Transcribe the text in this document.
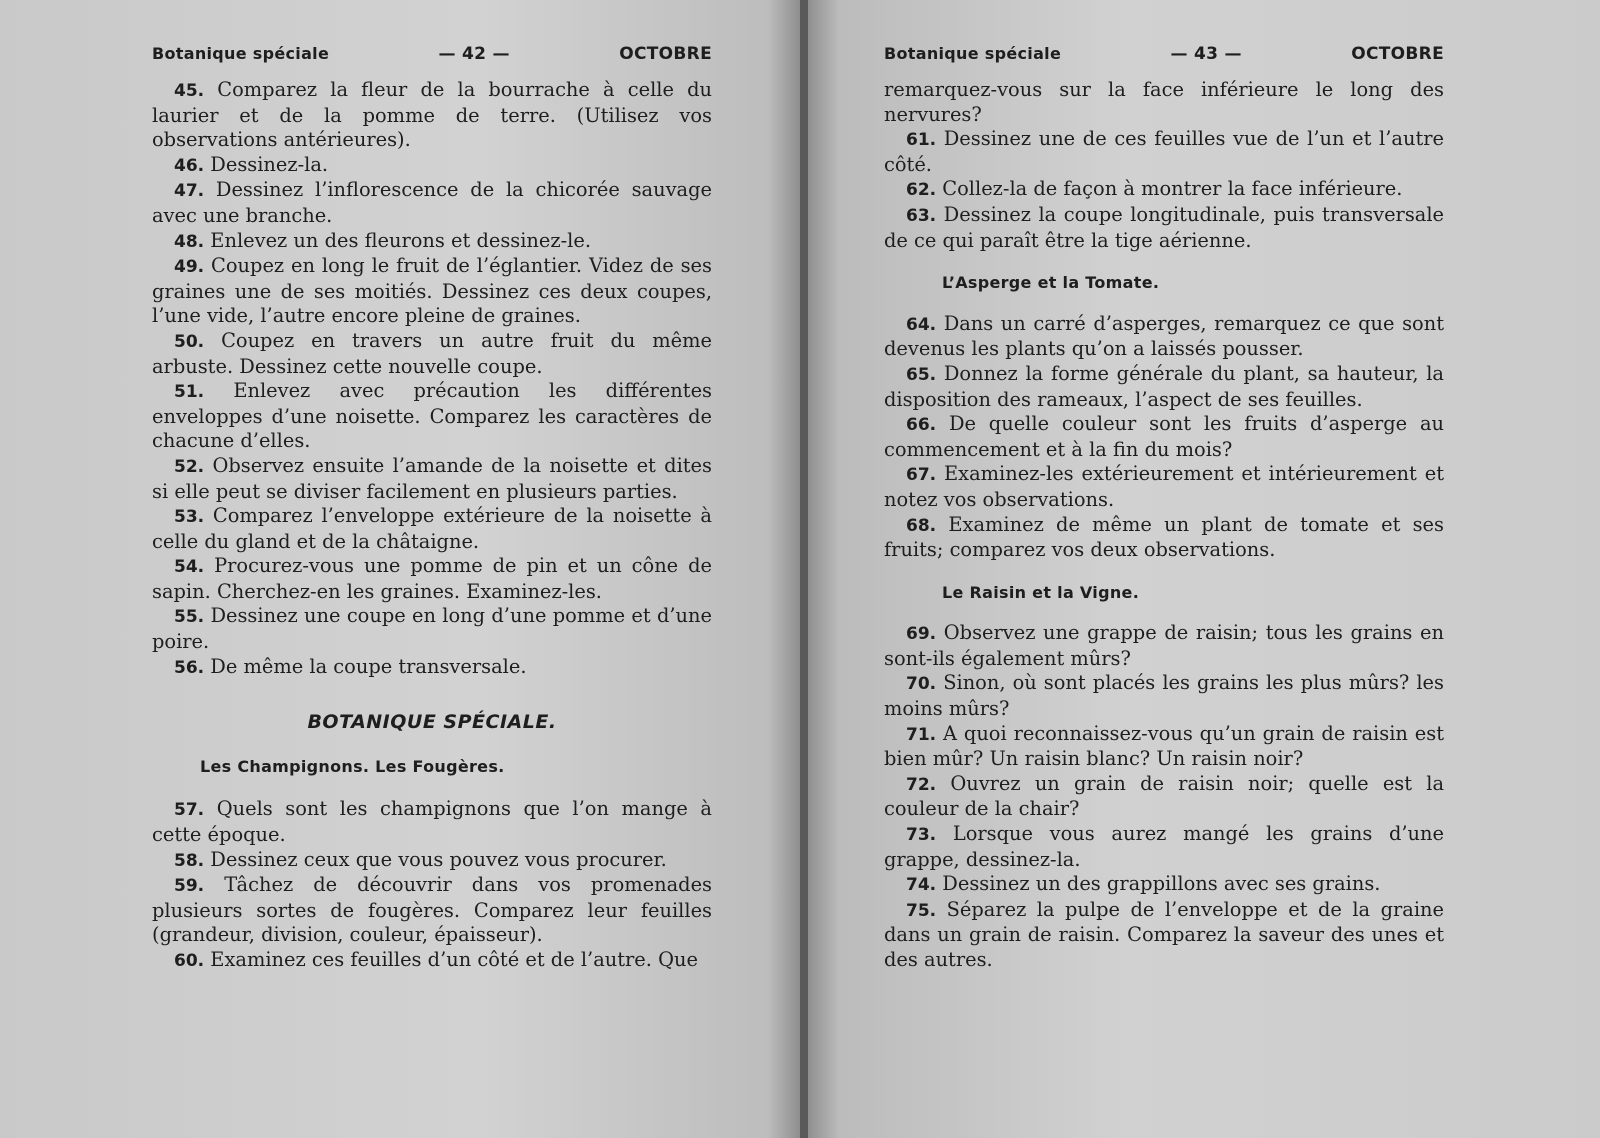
Botanique spéciale	— 42 —	OCTOBRE

45. Comparez la fleur de la bourrache à celle du laurier et de la pomme de terre. (Utilisez vos observations antérieures).

46. Dessinez-la.

47. Dessinez l’inflorescence de la chicorée sauvage avec une branche.

48. Enlevez un des fleurons et dessinez-le.

49. Coupez en long le fruit de l’églantier. Videz de ses graines une de ses moitiés. Dessinez ces deux coupes, l’une vide, l’autre encore pleine de graines.

50. Coupez en travers un autre fruit du même arbuste. Dessinez cette nouvelle coupe.

51. Enlevez avec précaution les différentes enveloppes d’une noisette. Comparez les caractères de chacune d’elles.

52. Observez ensuite l’amande de la noisette et dites si elle peut se diviser facilement en plusieurs parties.

53. Comparez l’enveloppe extérieure de la noisette à celle du gland et de la châtaigne.

54. Procurez-vous une pomme de pin et un cône de sapin. Cherchez-en les graines. Examinez-les.

55. Dessinez une coupe en long d’une pomme et d’une poire.

56. De même la coupe transversale.

BOTANIQUE SPÉCIALE.
Les Champignons. Les Fougères.

57. Quels sont les champignons que l’on mange à cette époque.

58. Dessinez ceux que vous pouvez vous procurer.

59. Tâchez de découvrir dans vos promenades plusieurs sortes de fougères. Comparez leur feuilles (grandeur, division, couleur, épaisseur).

60. Examinez ces feuilles d’un côté et de l’autre. Que

Botanique spéciale	— 43 —	OCTOBRE

remarquez-vous sur la face inférieure le long des nervures?

61. Dessinez une de ces feuilles vue de l’un et l’autre côté.

62. Collez-la de façon à montrer la face inférieure.

63. Dessinez la coupe longitudinale, puis transversale de ce qui paraît être la tige aérienne.

L’Asperge et la Tomate.

64. Dans un carré d’asperges, remarquez ce que sont devenus les plants qu’on a laissés pousser.

65. Donnez la forme générale du plant, sa hauteur, la disposition des rameaux, l’aspect de ses feuilles.

66. De quelle couleur sont les fruits d’asperge au commencement et à la fin du mois?

67. Examinez-les extérieurement et intérieurement et notez vos observations.

68. Examinez de même un plant de tomate et ses fruits; comparez vos deux observations.

Le Raisin et la Vigne.

69. Observez une grappe de raisin; tous les grains en sont-ils également mûrs?

70. Sinon, où sont placés les grains les plus mûrs? les moins mûrs?

71. A quoi reconnaissez-vous qu’un grain de raisin est bien mûr? Un raisin blanc? Un raisin noir?

72. Ouvrez un grain de raisin noir; quelle est la couleur de la chair?

73. Lorsque vous aurez mangé les grains d’une grappe, dessinez-la.

74. Dessinez un des grappillons avec ses grains.

75. Séparez la pulpe de l’enveloppe et de la graine dans un grain de raisin. Comparez la saveur des unes et des autres.
